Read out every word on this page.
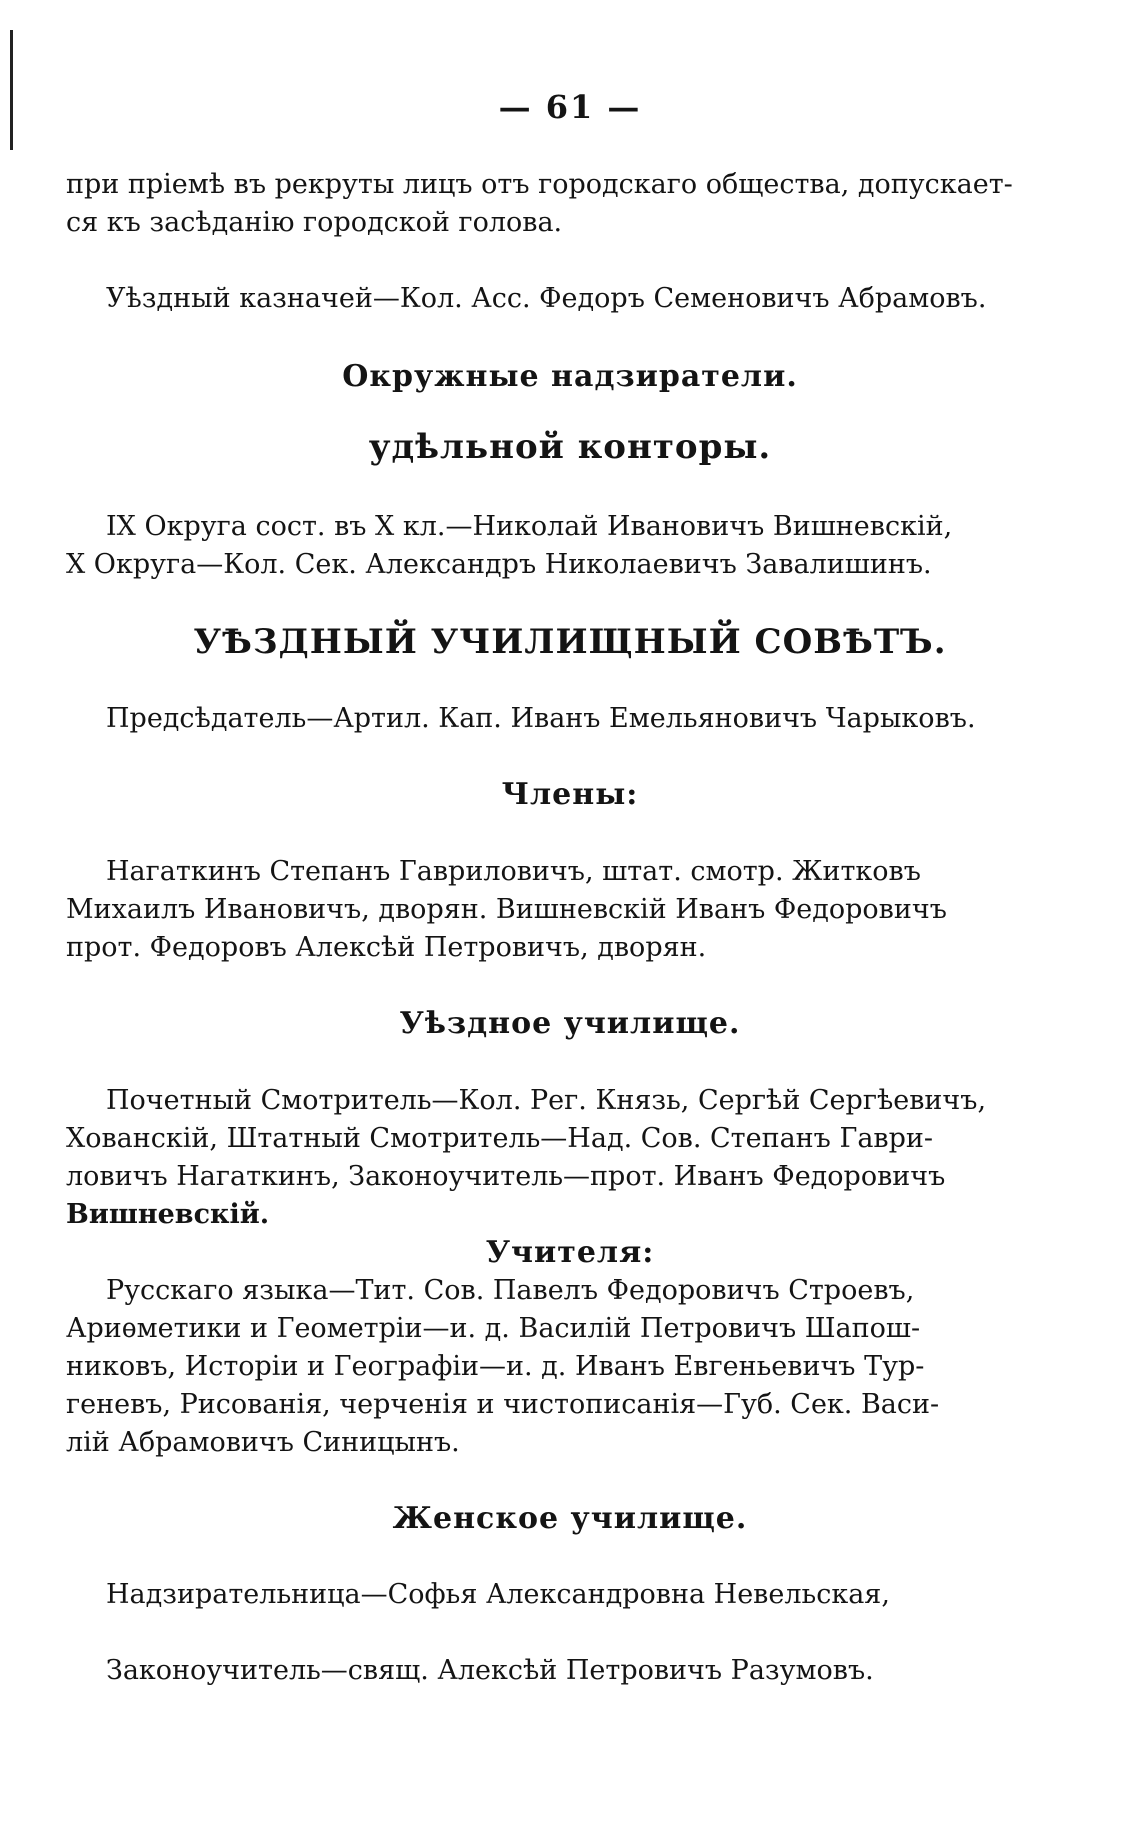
— 61 —
при пріемѣ въ рекруты лицъ отъ городскаго общества, допускает-
ся къ засѣданію городской голова.
Уѣздный казначей—Кол. Асс. Федоръ Семеновичъ Абрамовъ.
Окружные надзиратели.
удѣльной конторы.
IX Округа сост. въ X кл.—Николай Ивановичъ Вишневскій,
X Округа—Кол. Сек. Александръ Николаевичъ Завалишинъ.
УѢЗДНЫЙ УЧИЛИЩНЫЙ СОВѢТЪ.
Предсѣдатель—Артил. Кап. Иванъ Емельяновичъ Чарыковъ.
Члены:
Нагаткинъ Степанъ Гавриловичъ, штат. смотр. Житковъ
Михаилъ Ивановичъ, дворян. Вишневскій Иванъ Федоровичъ
прот. Федоровъ Алексѣй Петровичъ, дворян.
Уѣздное училище.
Почетный Смотритель—Кол. Рег. Князь, Сергѣй Сергѣевичъ,
Хованскій, Штатный Смотритель—Над. Сов. Степанъ Гаври-
ловичъ Нагаткинъ, Законоучитель—прот. Иванъ Федоровичъ
Вишневскій.
Учителя:
Русскаго языка—Тит. Сов. Павелъ Федоровичъ Строевъ,
Ариѳметики и Геометріи—и. д. Василій Петровичъ Шапош-
никовъ, Исторіи и Географіи—и. д. Иванъ Евгеньевичъ Тур-
геневъ, Рисованія, черченія и чистописанія—Губ. Сек. Васи-
лій Абрамовичъ Синицынъ.
Женское училище.
Надзирательница—Софья Александровна Невельская,
Законоучитель—свящ. Алексѣй Петровичъ Разумовъ.
